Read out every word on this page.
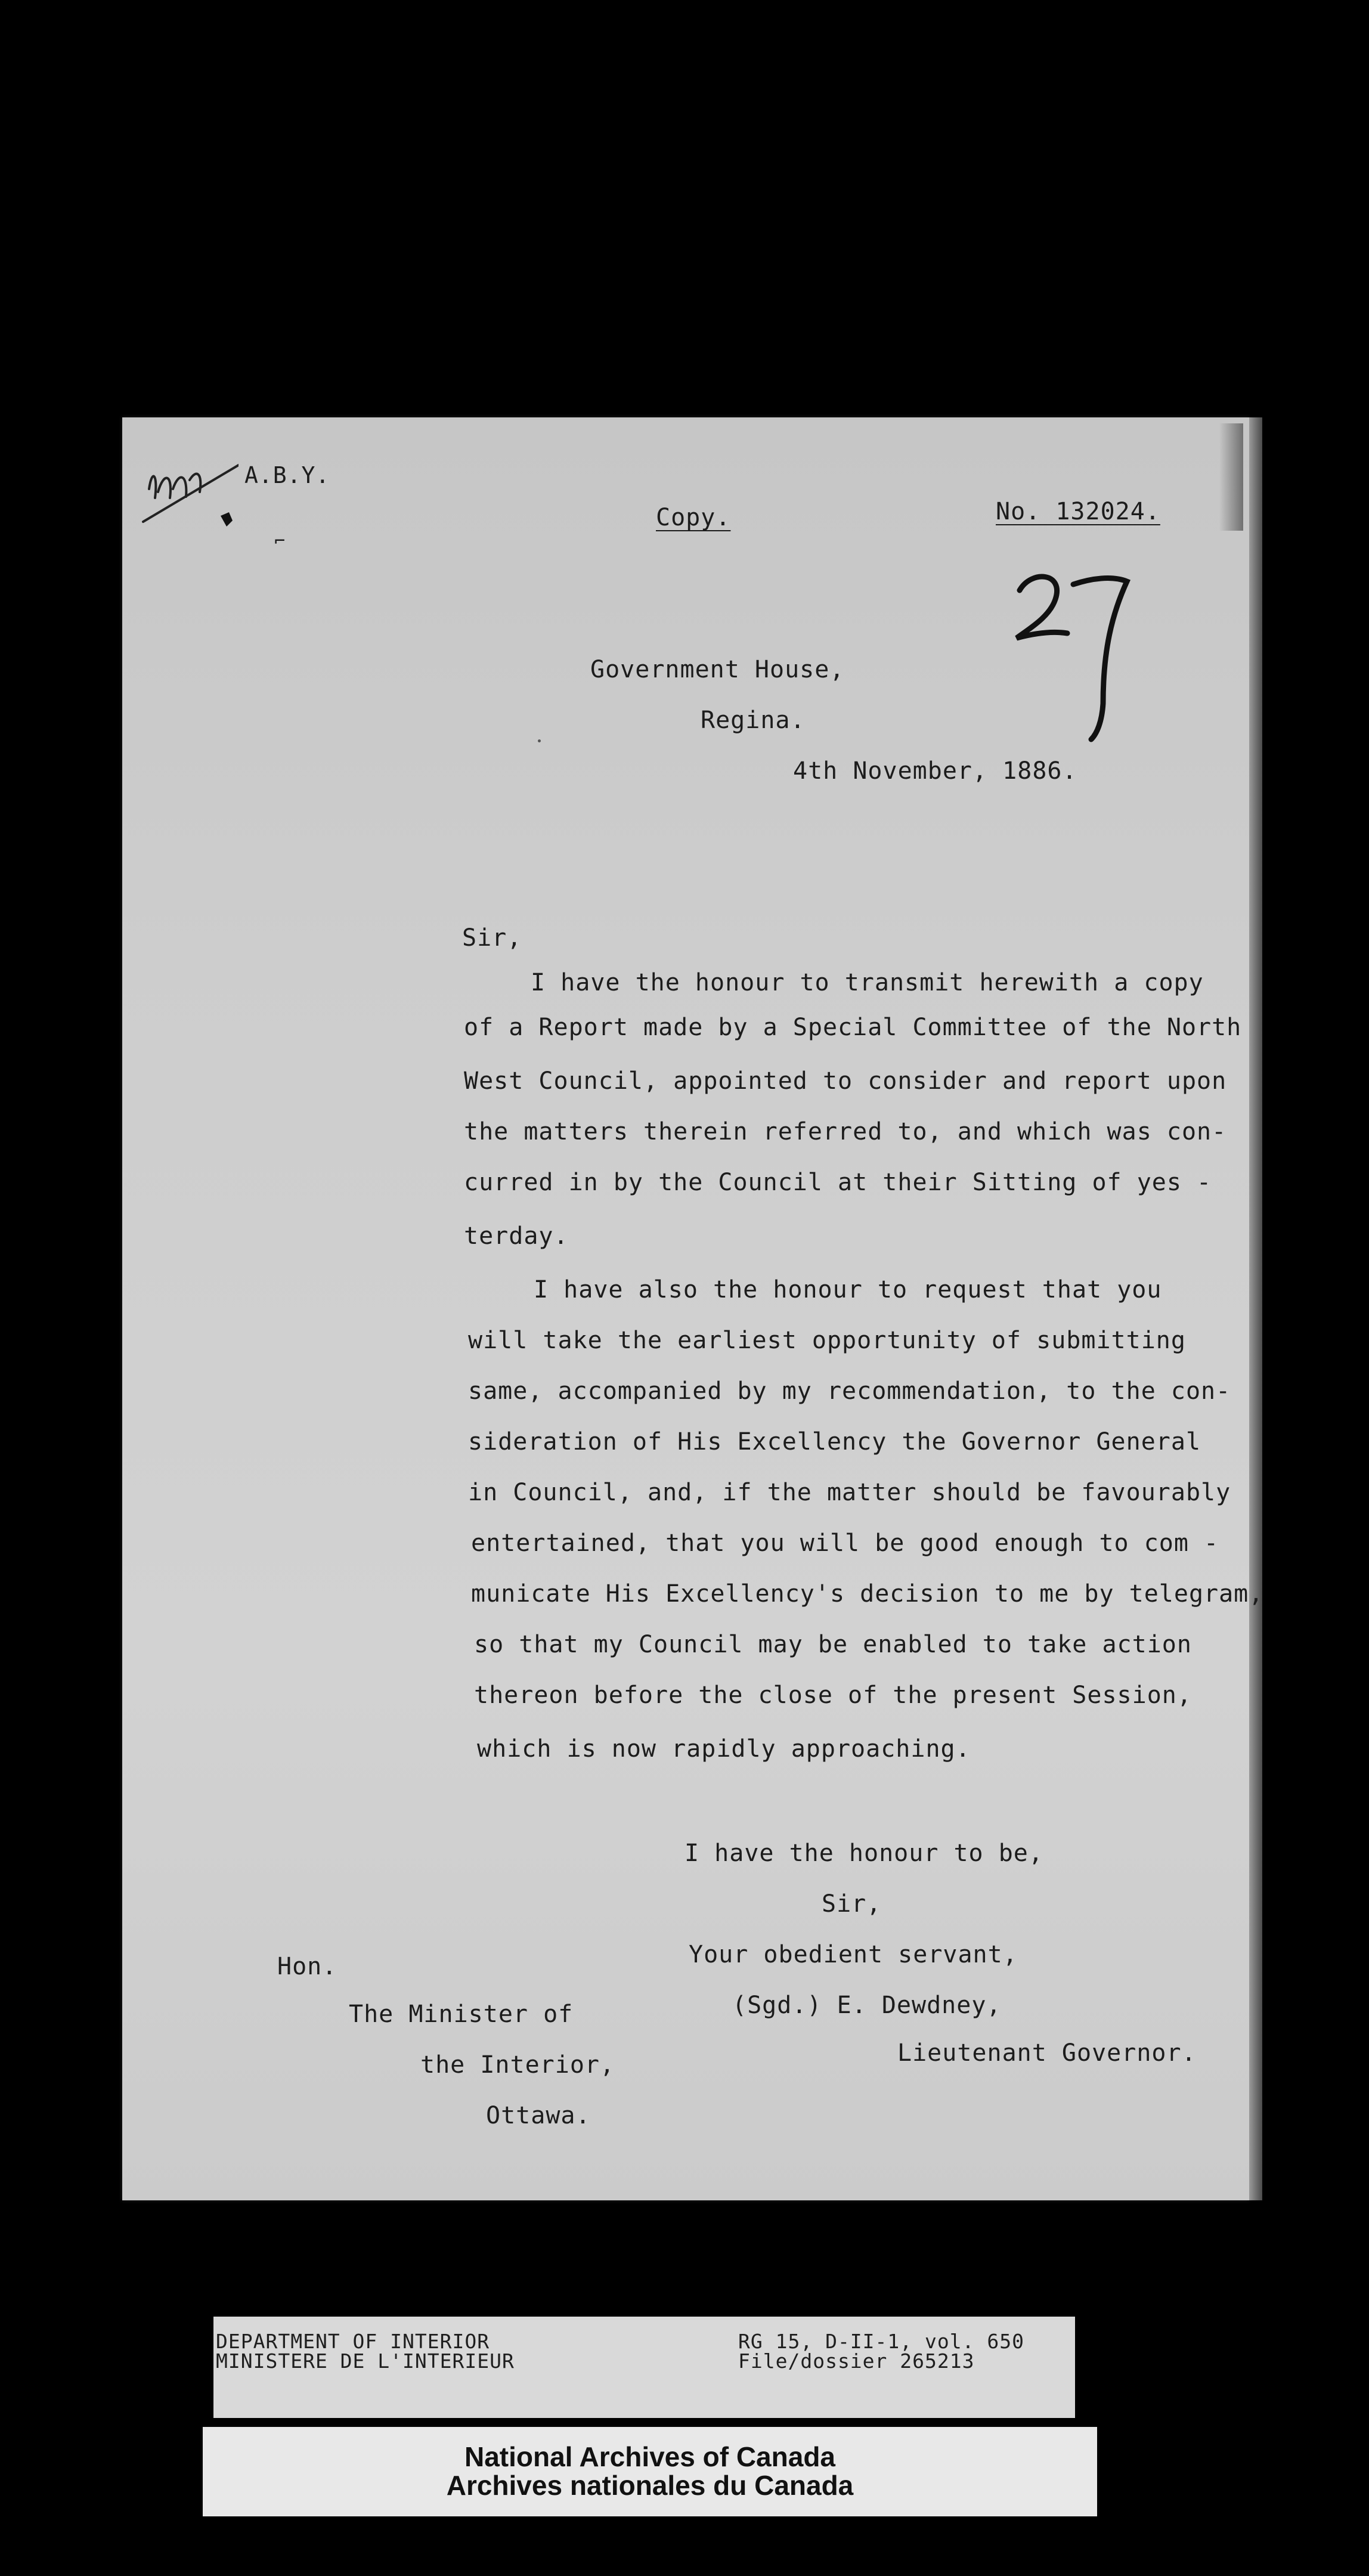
A.B.Y.
⌐
Copy.	No. 132024.
Government House,
Regina.
4th November, 1886.
Sir,
I have the honour to transmit herewith a copy
of a Report made by a Special Committee of the North
West Council, appointed to consider and report upon
the matters therein referred to, and which was con-
curred in by the Council at their Sitting of yes -
terday.
I have also the honour to request that you
will take the earliest opportunity of submitting
same, accompanied by my recommendation, to the con-
sideration of His Excellency the Governor General
in Council, and, if the matter should be favourably
entertained, that you will be good enough to com -
municate His Excellency's decision to me by telegram,
so that my Council may be enabled to take action
thereon before the close of the present Session,
which is now rapidly approaching.
I have the honour to be,
Sir,
Your obedient servant,
(Sgd.) E. Dewdney,
Lieutenant Governor.
Hon.
The Minister of
the Interior,
Ottawa.
DEPARTMENT OF INTERIOR
MINISTERE DE L'INTERIEUR
RG 15, D-II-1, vol. 650
File/dossier 265213
National Archives of Canada
Archives nationales du Canada
